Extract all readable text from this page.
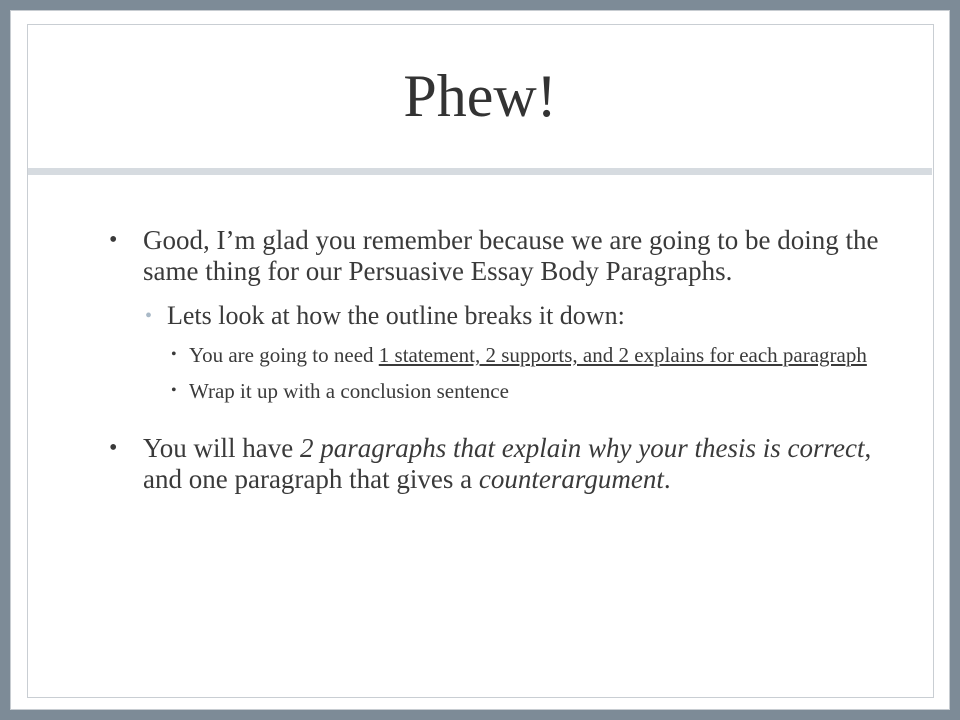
Phew!
• Good, I’m glad you remember because we are going to be doing the same thing for our Persuasive Essay Body Paragraphs.
• Lets look at how the outline breaks it down:
• You are going to need 1 statement, 2 supports, and 2 explains for each paragraph
• Wrap it up with a conclusion sentence
• You will have 2 paragraphs that explain why your thesis is correct, and one paragraph that gives a counterargument.
